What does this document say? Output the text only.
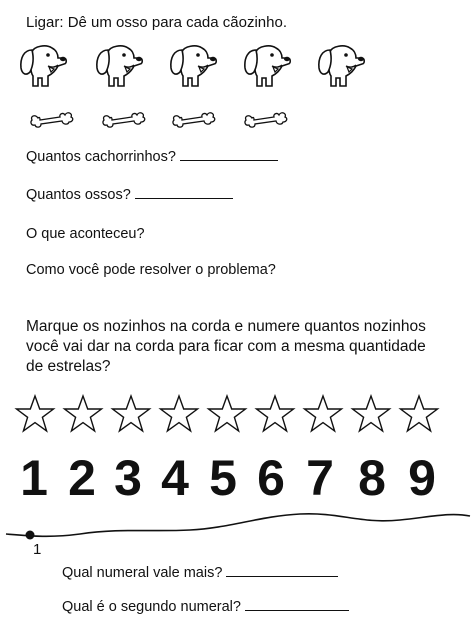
Ligar: Dê um osso para cada cãozinho.
Quantos cachorrinhos?
Quantos ossos?
O que aconteceu?
Como você pode resolver o problema?
Marque os nozinhos na corda e numere quantos nozinhos
você vai dar na corda para ficar com a mesma quantidade
de estrelas?
1 2 3 4 5 6 7 8 9
1
Qual numeral vale mais?
Qual é o segundo numeral?
